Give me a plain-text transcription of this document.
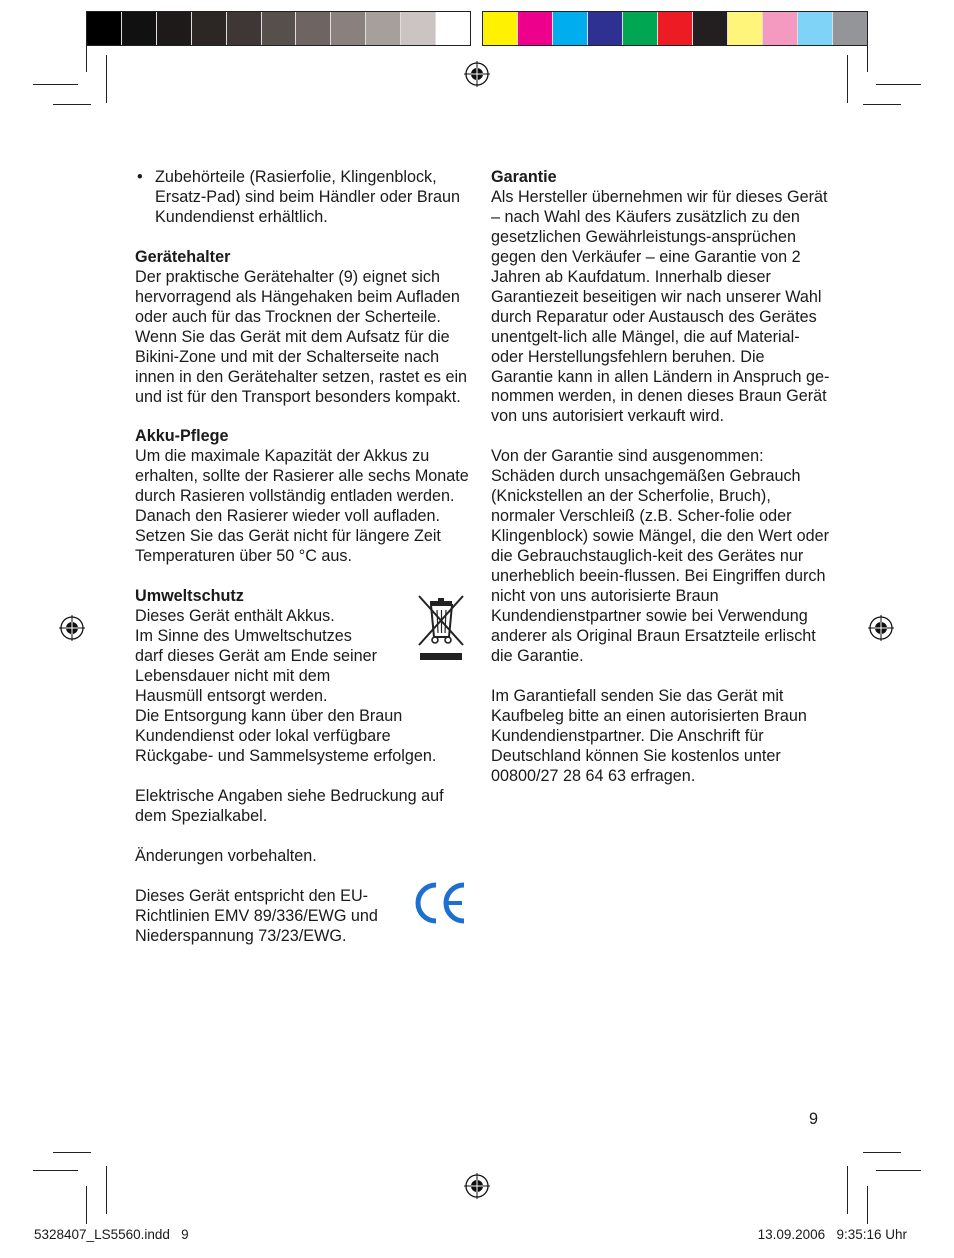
• Zubehörteile (Rasierfolie, Klingenblock, Ersatz-Pad) sind beim Händler oder Braun Kundendienst erhältlich.

Gerätehalter

Der praktische Gerätehalter (9) eignet sich hervorragend als Hängehaken beim Aufladen oder auch für das Trocknen der Scherteile. Wenn Sie das Gerät mit dem Aufsatz für die Bikini-Zone und mit der Schalterseite nach innen in den Gerätehalter setzen, rastet es ein und ist für den Transport besonders kompakt.

Akku-Pflege

Um die maximale Kapazität der Akkus zu erhalten, sollte der Rasierer alle sechs Monate durch Rasieren vollständig entladen werden. Danach den Rasierer wieder voll aufladen. Setzen Sie das Gerät nicht für längere Zeit Temperaturen über 50 °C aus.

Umweltschutz

Dieses Gerät enthält Akkus.

Im Sinne des Umweltschutzes

darf dieses Gerät am Ende seiner

Lebensdauer nicht mit dem

Hausmüll entsorgt werden.

Die Entsorgung kann über den Braun Kundendienst oder lokal verfügbare Rückgabe- und Sammelsysteme erfolgen.

Elektrische Angaben siehe Bedruckung auf dem Spezialkabel.

Änderungen vorbehalten.

Dieses Gerät entspricht den EU-

Richtlinien EMV 89/336/EWG und

Niederspannung 73/23/EWG.

Garantie

Als Hersteller übernehmen wir für dieses Gerät – nach Wahl des Käufers zusätzlich zu den gesetzlichen Gewährleistungs-ansprüchen gegen den Verkäufer – eine Garantie von 2 Jahren ab Kaufdatum. Innerhalb dieser Garantiezeit beseitigen wir nach unserer Wahl durch Reparatur oder Austausch des Gerätes unentgelt-lich alle Mängel, die auf Material- oder Herstellungsfehlern beruhen. Die Garantie kann in allen Ländern in Anspruch ge-nommen werden, in denen dieses Braun Gerät von uns autorisiert verkauft wird.

Von der Garantie sind ausgenommen: Schäden durch unsachgemäßen Gebrauch (Knickstellen an der Scherfolie, Bruch), normaler Verschleiß (z.B. Scher-folie oder Klingenblock) sowie Mängel, die den Wert oder die Gebrauchstauglich-keit des Gerätes nur unerheblich beein-flussen. Bei Eingriffen durch nicht von uns autorisierte Braun Kundendienstpartner sowie bei Verwendung anderer als Original Braun Ersatzteile erlischt die Garantie.

Im Garantiefall senden Sie das Gerät mit Kaufbeleg bitte an einen autorisierten Braun Kundendienstpartner. Die Anschrift für Deutschland können Sie kostenlos unter 00800/27 28 64 63 erfragen.

9
5328407_LS5560.indd   9	13.09.2006   9:35:16 Uhr
